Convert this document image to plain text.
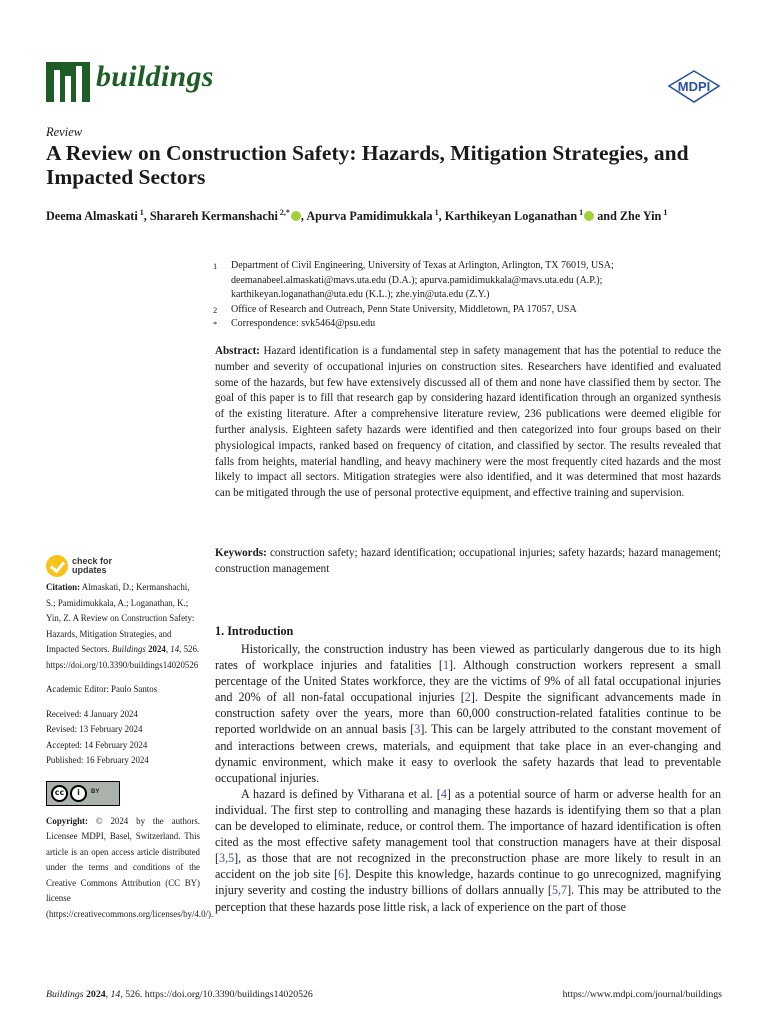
buildings	MDPI
Review
A Review on Construction Safety: Hazards, Mitigation Strategies, and Impacted Sectors
Deema Almaskati $^1$, Sharareh Kermanshachi $^{2,*}$ , Apurva Pamidimukkala $^1$, Karthikeyan Loganathan $^1$ and Zhe Yin $^1$
1	Department of Civil Engineering, University of Texas at Arlington, Arlington, TX 76019, USA; deemanabeel.almaskati@mavs.uta.edu (D.A.); apurva.pamidimukkala@mavs.uta.edu (A.P.); karthikeyan.loganathan@uta.edu (K.L.); zhe.yin@uta.edu (Z.Y.)
2	Office of Research and Outreach, Penn State University, Middletown, PA 17057, USA
*	Correspondence: svk5464@psu.edu
Abstract: Hazard identification is a fundamental step in safety management that has the potential to reduce the number and severity of occupational injuries on construction sites. Researchers have identified and evaluated some of the hazards, but few have extensively discussed all of them and none have classified them by sector. The goal of this paper is to fill that research gap by considering hazard identification through an organized synthesis of the existing literature. After a comprehensive literature review, 236 publications were deemed eligible for further analysis. Eighteen safety hazards were identified and then categorized into four groups based on their physiological impacts, ranked based on frequency of citation, and classified by sector. The results revealed that falls from heights, material handling, and heavy machinery were the most frequently cited hazards and the most likely to impact all sectors. Mitigation strategies were also identified, and it was determined that most hazards can be mitigated through the use of personal protective equipment, and effective training and supervision.
Keywords: construction safety; hazard identification; occupational injuries; safety hazards; hazard management; construction management
check for
updates
Citation: Almaskati, D.; Kermanshachi, S.; Pamidimukkala, A.; Loganathan, K.; Yin, Z. A Review on Construction Safety: Hazards, Mitigation Strategies, and Impacted Sectors. Buildings 2024, 14, 526. https://doi.org/10.3390/buildings14020526
Academic Editor: Paulo Santos
Received: 4 January 2024
Revised: 13 February 2024
Accepted: 14 February 2024
Published: 16 February 2024
cc	i	BY
Copyright: © 2024 by the authors. Licensee MDPI, Basel, Switzerland. This article is an open access article distributed under the terms and conditions of the Creative Commons Attribution (CC BY) license (https://creativecommons.org/licenses/by/4.0/).
1. Introduction

Historically, the construction industry has been viewed as particularly dangerous due to its high rates of workplace injuries and fatalities [1]. Although construction workers represent a small percentage of the United States workforce, they are the victims of 9% of all fatal occupational injuries and 20% of all non-fatal occupational injuries [2]. Despite the significant advancements made in construction safety over the years, more than 60,000 construction-related fatalities continue to be reported worldwide on an annual basis [3]. This can be largely attributed to the constant movement of and interactions between crews, materials, and equipment that take place in an ever-changing and dynamic environment, which make it easy to overlook the safety hazards that lead to preventable occupational injuries.

A hazard is defined by Vitharana et al. [4] as a potential source of harm or adverse health for an individual. The first step to controlling and managing these hazards is identifying them so that a plan can be developed to eliminate, reduce, or control them. The importance of hazard identification is often cited as the most effective safety management tool that construction managers have at their disposal [3,5], as those that are not recognized in the preconstruction phase are more likely to result in an accident on the job site [6]. Despite this knowledge, hazards continue to go unrecognized, magnifying injury severity and costing the industry billions of dollars annually [5,7]. This may be attributed to the perception that these hazards pose little risk, a lack of experience on the part of those

Buildings 2024, 14, 526. https://doi.org/10.3390/buildings14020526	https://www.mdpi.com/journal/buildings
